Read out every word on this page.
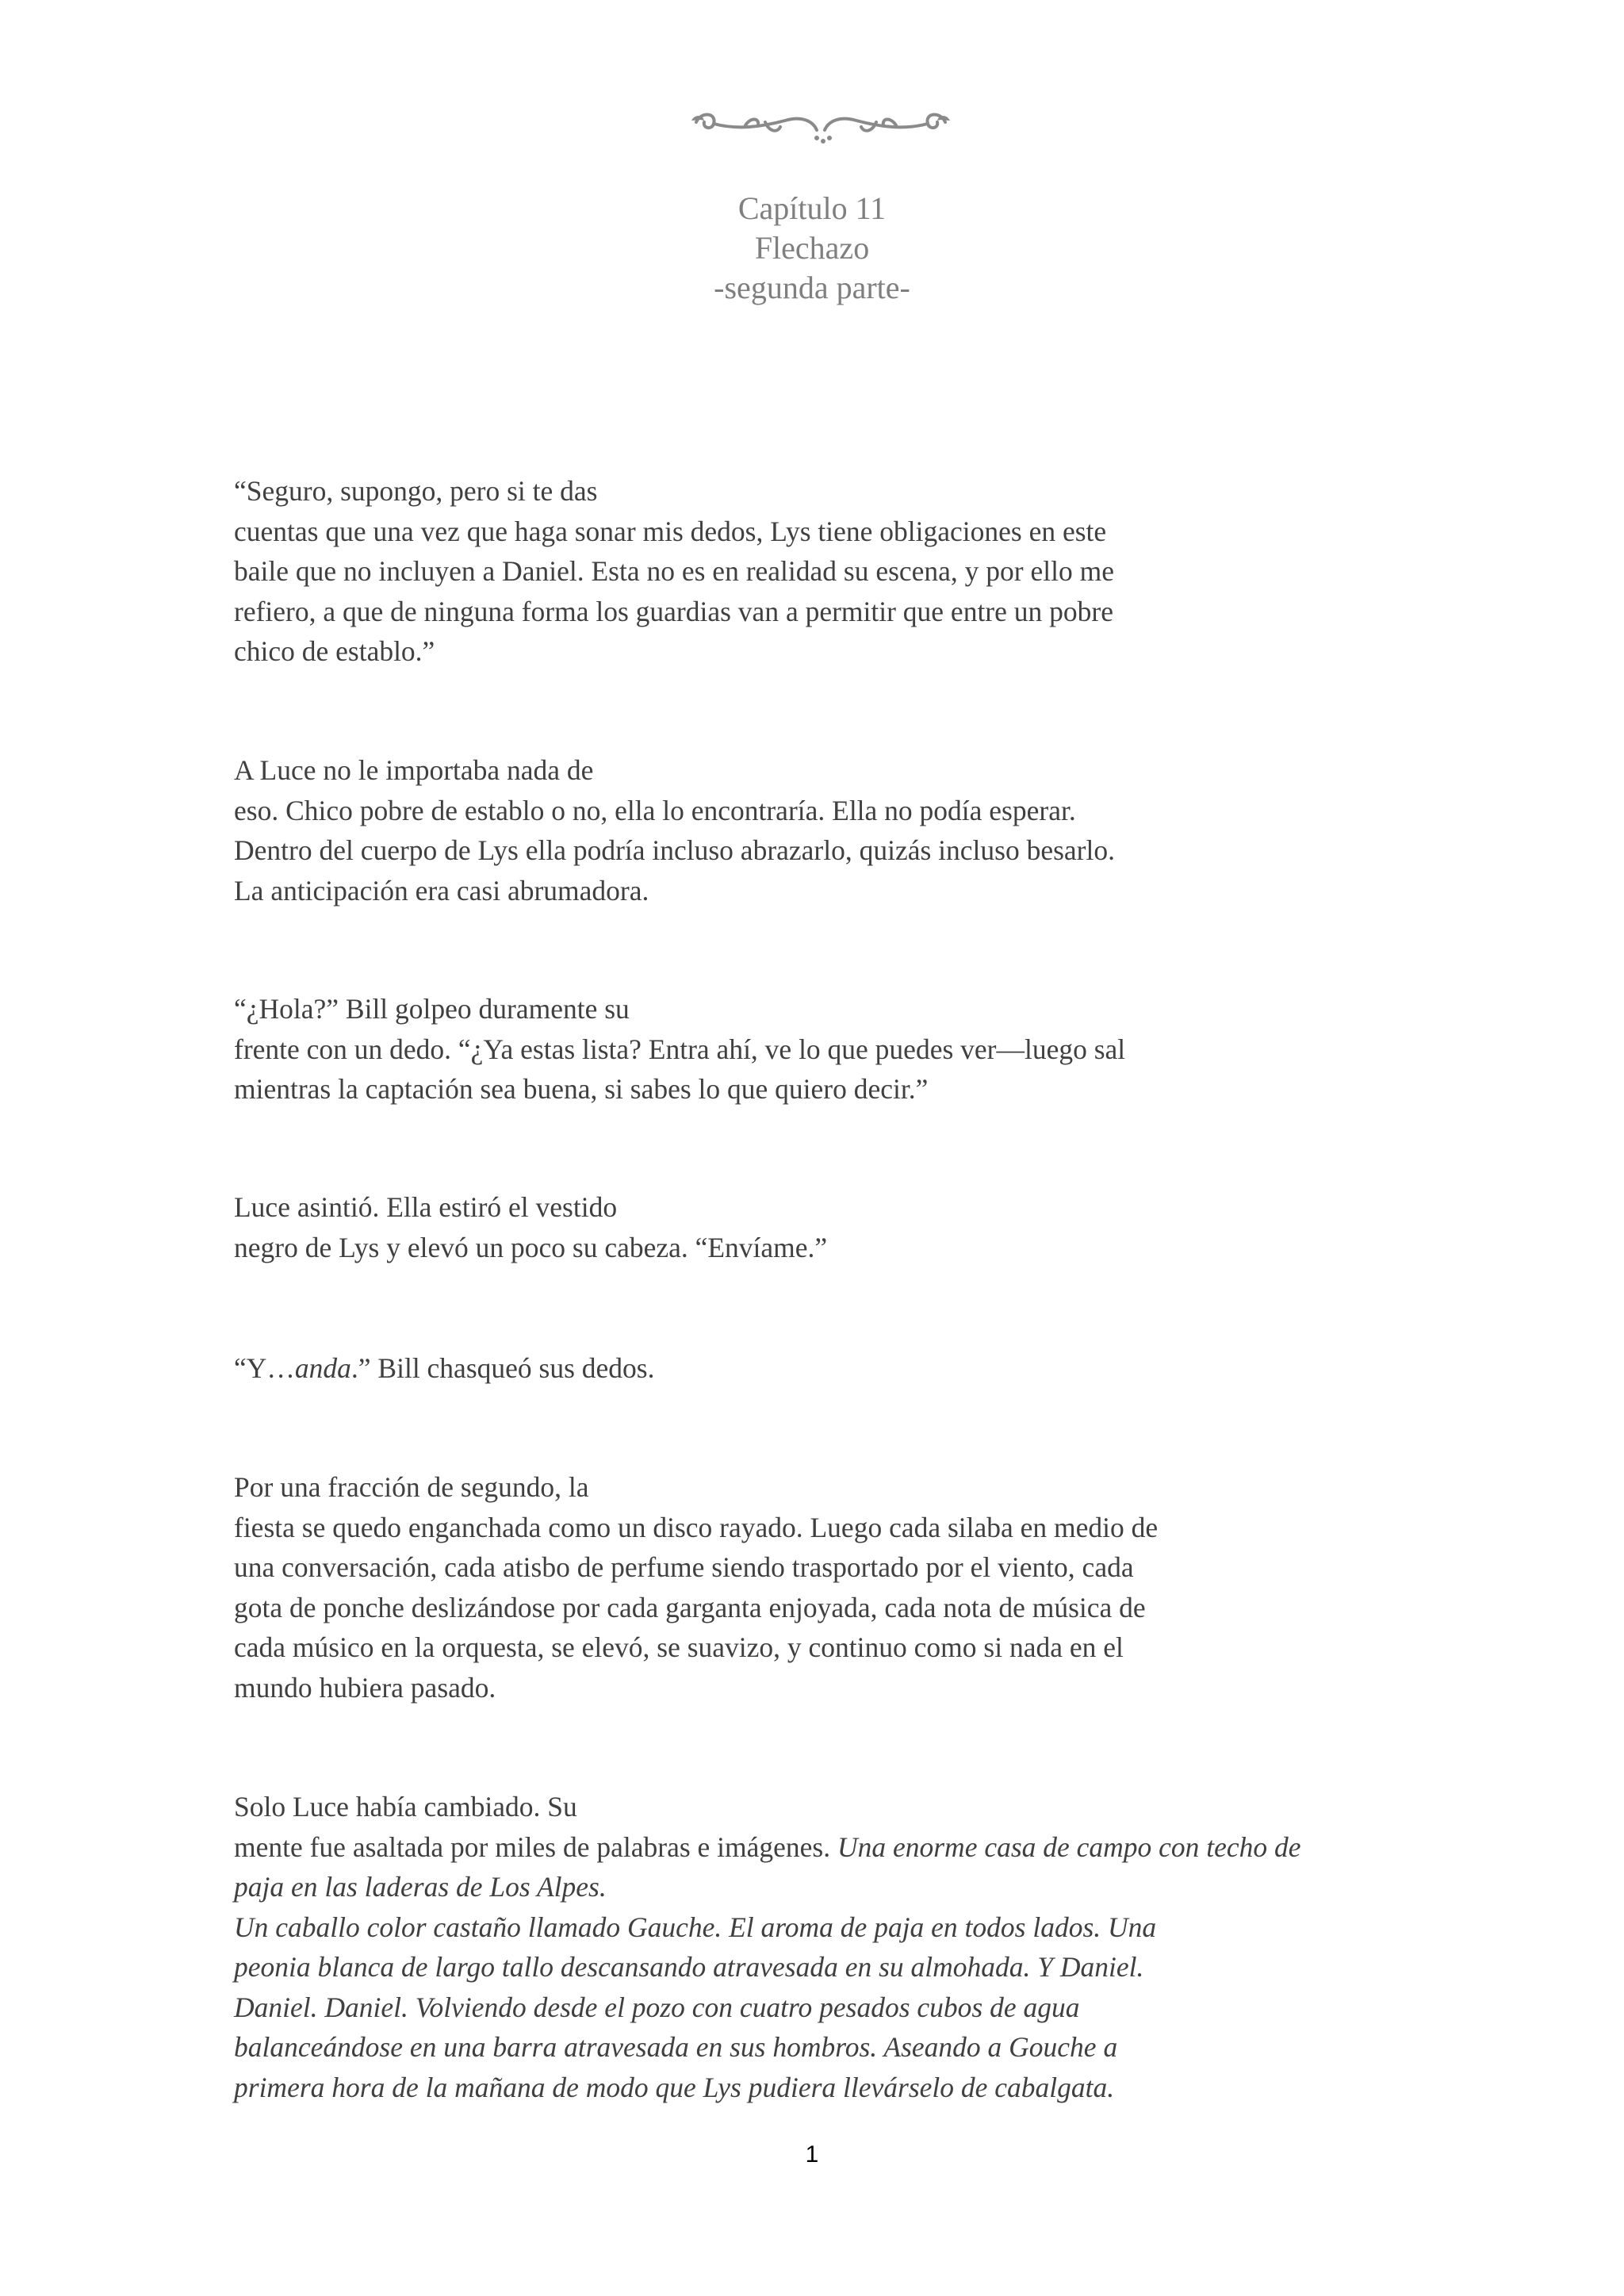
Capítulo 11
Flechazo
-segunda parte-

“Seguro, supongo, pero si te das

cuentas que una vez que haga sonar mis dedos, Lys tiene obligaciones en este

baile que no incluyen a Daniel. Esta no es en realidad su escena, y por ello me

refiero, a que de ninguna forma los guardias van a permitir que entre un pobre

chico de establo.”

A Luce no le importaba nada de

eso. Chico pobre de establo o no, ella lo encontraría. Ella no podía esperar.

Dentro del cuerpo de Lys ella podría incluso abrazarlo, quizás incluso besarlo.

La anticipación era casi abrumadora.

“¿Hola?” Bill golpeo duramente su

frente con un dedo. “¿Ya estas lista? Entra ahí, ve lo que puedes ver—luego sal

mientras la captación sea buena, si sabes lo que quiero decir.”

Luce asintió. Ella estiró el vestido

negro de Lys y elevó un poco su cabeza. “Envíame.”

“Y…anda.” Bill chasqueó sus dedos.

Por una fracción de segundo, la

fiesta se quedo enganchada como un disco rayado. Luego cada silaba en medio de

una conversación, cada atisbo de perfume siendo trasportado por el viento, cada

gota de ponche deslizándose por cada garganta enjoyada, cada nota de música de

cada músico en la orquesta, se elevó, se suavizo, y continuo como si nada en el

mundo hubiera pasado.

Solo Luce había cambiado. Su

mente fue asaltada por miles de palabras e imágenes. Una enorme casa de campo con techo de

paja en las laderas de Los Alpes.

Un caballo color castaño llamado Gauche. El aroma de paja en todos lados. Una

peonia blanca de largo tallo descansando atravesada en su almohada. Y Daniel.

Daniel. Daniel. Volviendo desde el pozo con cuatro pesados cubos de agua

balanceándose en una barra atravesada en sus hombros. Aseando a Gouche a

primera hora de la mañana de modo que Lys pudiera llevárselo de cabalgata.

1
